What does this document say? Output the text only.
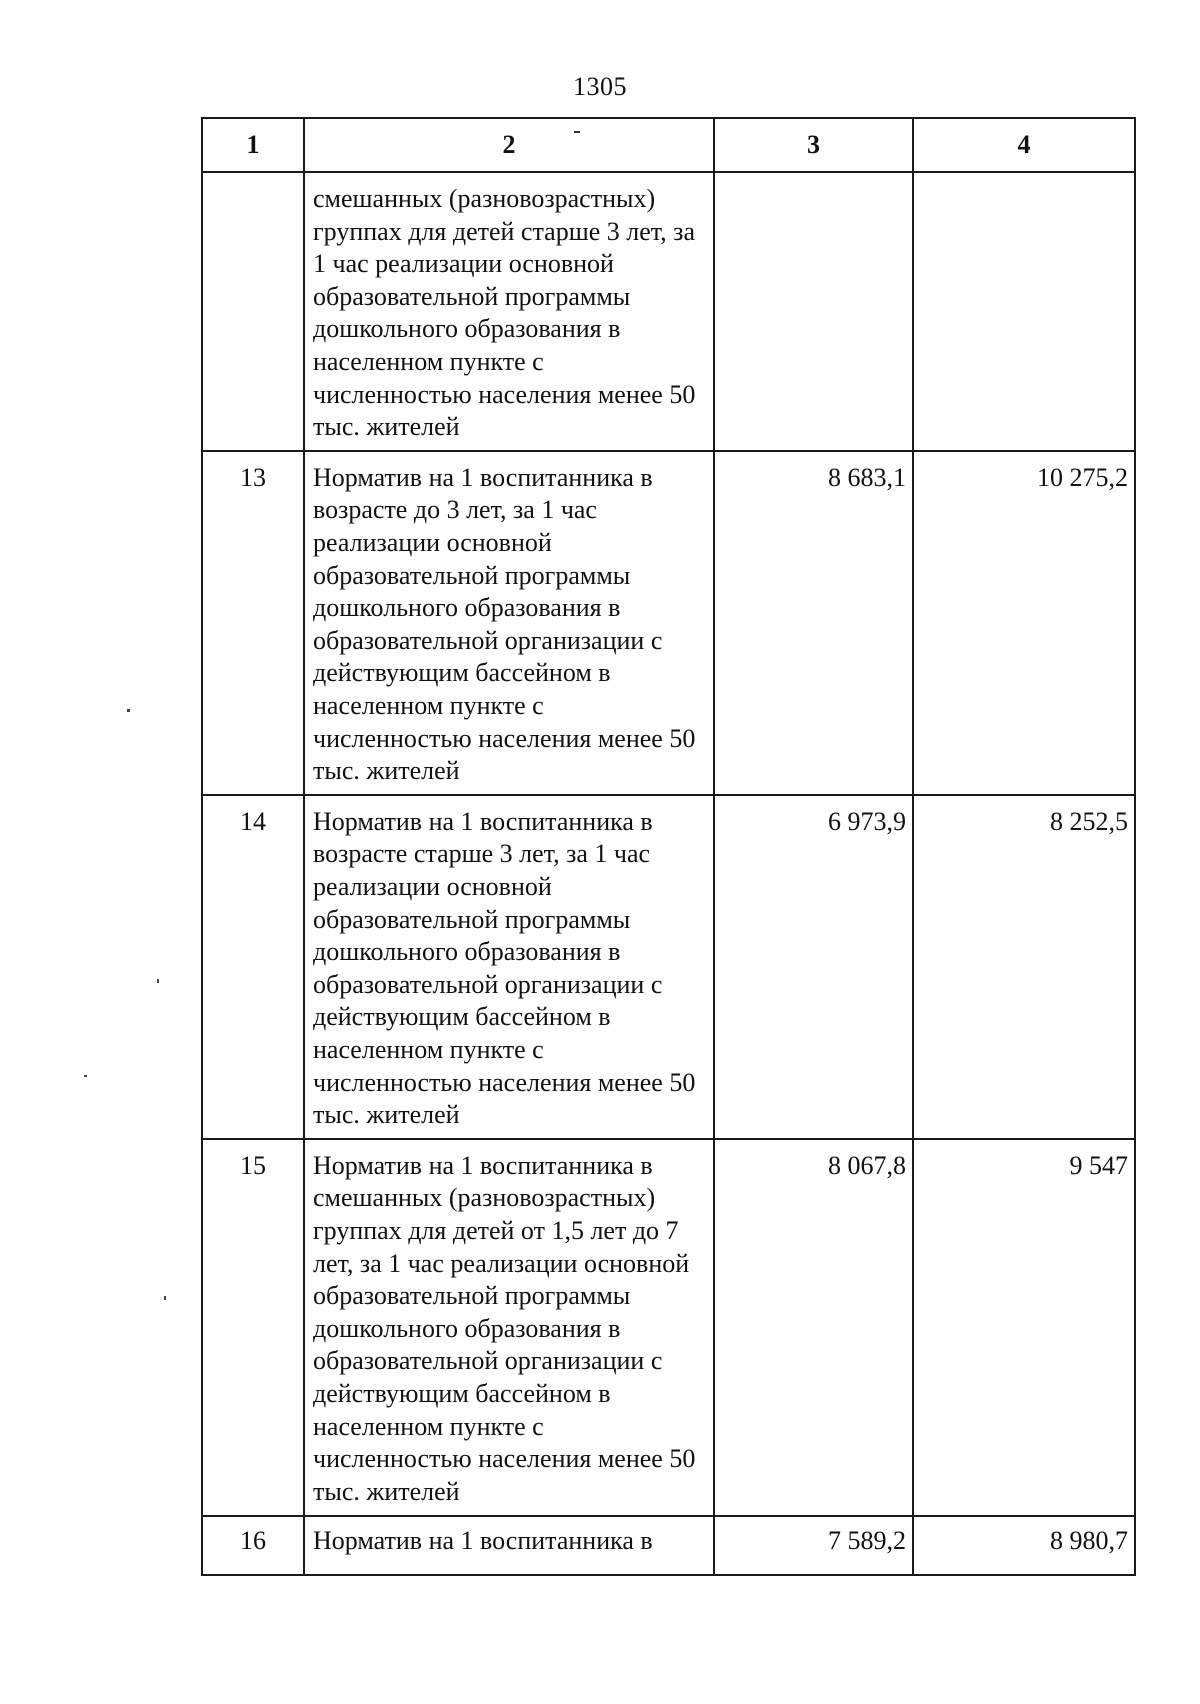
1305
1	2	3	4
	смешанных (разновозрастных) группах для детей старше 3 лет, за 1 час реализации основной образовательной программы дошкольного образования в населенном пункте с численностью населения менее 50 тыс. жителей		
13	Норматив на 1 воспитанника в возрасте до 3 лет, за 1 час реализации основной образовательной программы дошкольного образования в образовательной организации с действующим бассейном в населенном пункте с численностью населения менее 50 тыс. жителей	8 683,1	10 275,2
14	Норматив на 1 воспитанника в возрасте старше 3 лет, за 1 час реализации основной образовательной программы дошкольного образования в образовательной организации с действующим бассейном в населенном пункте с численностью населения менее 50 тыс. жителей	6 973,9	8 252,5
15	Норматив на 1 воспитанника в смешанных (разновозрастных) группах для детей от 1,5 лет до 7 лет, за 1 час реализации основной образовательной программы дошкольного образования в образовательной организации с действующим бассейном в населенном пункте с численностью населения менее 50 тыс. жителей	8 067,8	9 547
16	Норматив на 1 воспитанника в	7 589,2	8 980,7
